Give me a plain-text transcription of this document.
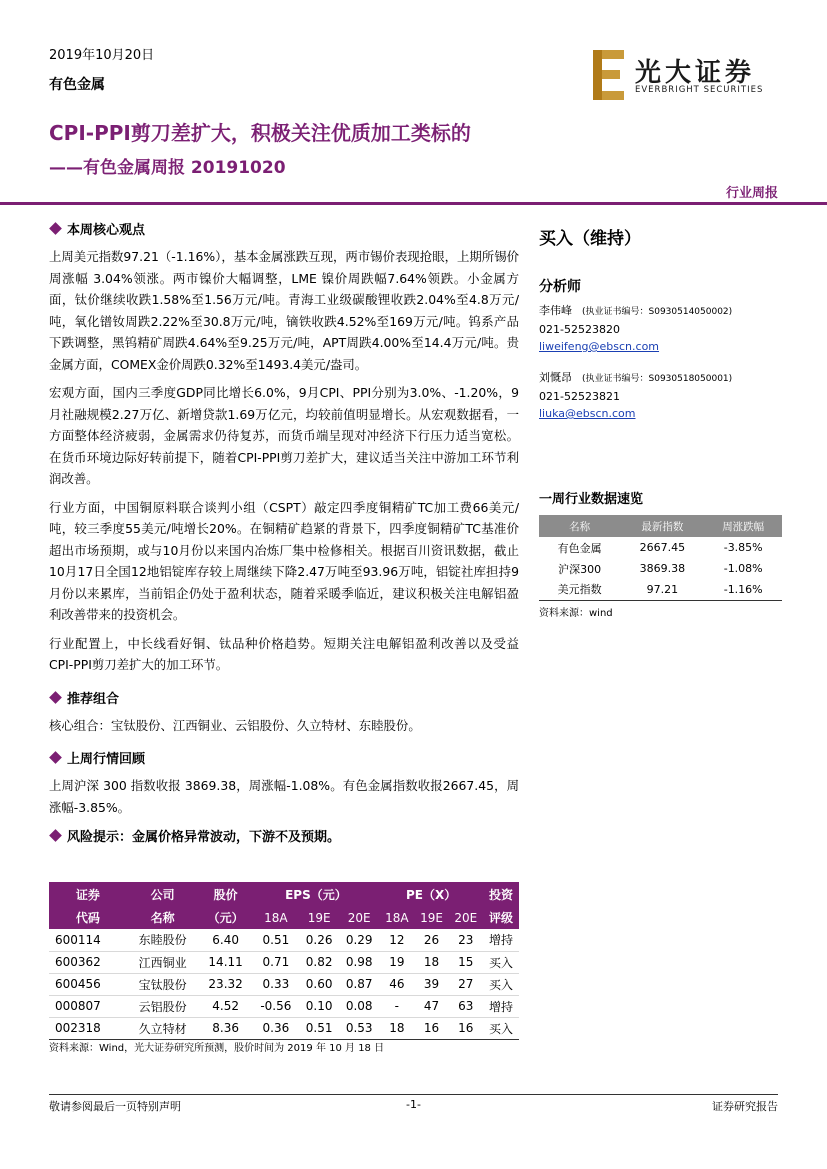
2019年10月20日
有色金属	光大证券
EVERBRIGHT SECURITIES
CPI-PPI剪刀差扩大，积极关注优质加工类标的
——有色金属周报 20191020
行业周报
本周核心观点

上周美元指数97.21（-1.16%），基本金属涨跌互现，两市锡价表现抢眼，上期所锡价周涨幅 3.04%领涨。两市镍价大幅调整，LME 镍价周跌幅7.64%领跌。小金属方面，钛价继续收跌1.58%至1.56万元/吨。青海工业级碳酸锂收跌2.04%至4.8万元/吨，氧化镨钕周跌2.22%至30.8万元/吨，镝铁收跌4.52%至169万元/吨。钨系产品下跌调整，黑钨精矿周跌4.64%至9.25万元/吨，APT周跌4.00%至14.4万元/吨。贵金属方面，COMEX金价周跌0.32%至1493.4美元/盎司。

宏观方面，国内三季度GDP同比增长6.0%，9月CPI、PPI分别为3.0%、-1.20%，9月社融规模2.27万亿、新增贷款1.69万亿元，均较前值明显增长。从宏观数据看，一方面整体经济疲弱，金属需求仍待复苏，而货币端呈现对冲经济下行压力适当宽松。在货币环境边际好转前提下，随着CPI-PPI剪刀差扩大，建议适当关注中游加工环节利润改善。

行业方面，中国铜原料联合谈判小组（CSPT）敲定四季度铜精矿TC加工费66美元/吨，较三季度55美元/吨增长20%。在铜精矿趋紧的背景下，四季度铜精矿TC基准价超出市场预期，或与10月份以来国内冶炼厂集中检修相关。根据百川资讯数据，截止10月17日全国12地铝锭库存较上周继续下降2.47万吨至93.96万吨，铝锭社库担持9月份以来累库，当前铝企仍处于盈利状态，随着采暖季临近，建议积极关注电解铝盈利改善带来的投资机会。

行业配置上，中长线看好铜、钛品种价格趋势。短期关注电解铝盈利改善以及受益CPI-PPI剪刀差扩大的加工环节。

推荐组合

核心组合：宝钛股份、江西铜业、云铝股份、久立特材、东睦股份。

上周行情回顾

上周沪深 300 指数收报 3869.38，周涨幅-1.08%。有色金属指数收报2667.45，周涨幅-3.85%。

风险提示：金属价格异常波动，下游不及预期。
证券	公司	股价	EPS（元）			PE（X）			投资
代码	名称	（元）	18A	19E	20E	18A	19E	20E	评级
600114	东睦股份	6.40	0.51	0.26	0.29	12	26	23	增持
600362	江西铜业	14.11	0.71	0.82	0.98	19	18	15	买入
600456	宝钛股份	23.32	0.33	0.60	0.87	46	39	27	买入
000807	云铝股份	4.52	-0.56	0.10	0.08	-	47	63	增持
002318	久立特材	8.36	0.36	0.51	0.53	18	16	16	买入
资料来源：Wind，光大证券研究所预测，股价时间为 2019 年 10 月 18 日
买入（维持）
分析师
李伟峰 (执业证书编号：S0930514050002)
021-52523820
liweifeng@ebscn.com
刘慨昂 (执业证书编号：S0930518050001)
021-52523821
liuka@ebscn.com
一周行业数据速览
名称	最新指数	周涨跌幅
有色金属	2667.45	-3.85%
沪深300	3869.38	-1.08%
美元指数	97.21	-1.16%
资料来源：wind
-1-
敬请参阅最后一页特别声明	证券研究报告
